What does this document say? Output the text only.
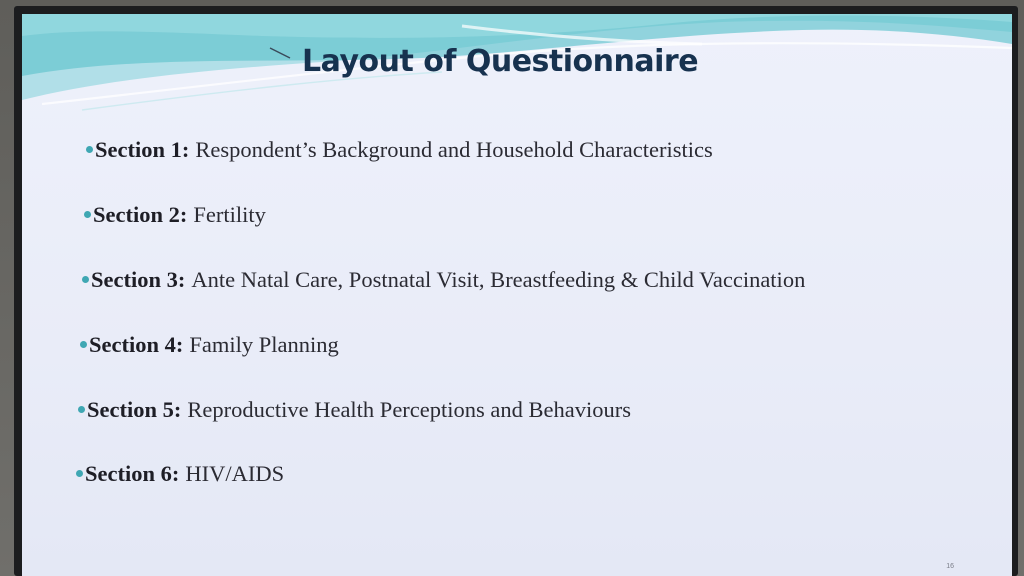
Layout of Questionnaire
Section 1 : Respondent’s Background and Household Characteristics
Section 2 : Fertility
Section 3 : Ante Natal Care, Postnatal Visit, Breastfeeding & Child Vaccination
Section 4 : Family Planning
Section 5 : Reproductive Health Perceptions and Behaviours
Section 6 : HIV/AIDS
16
